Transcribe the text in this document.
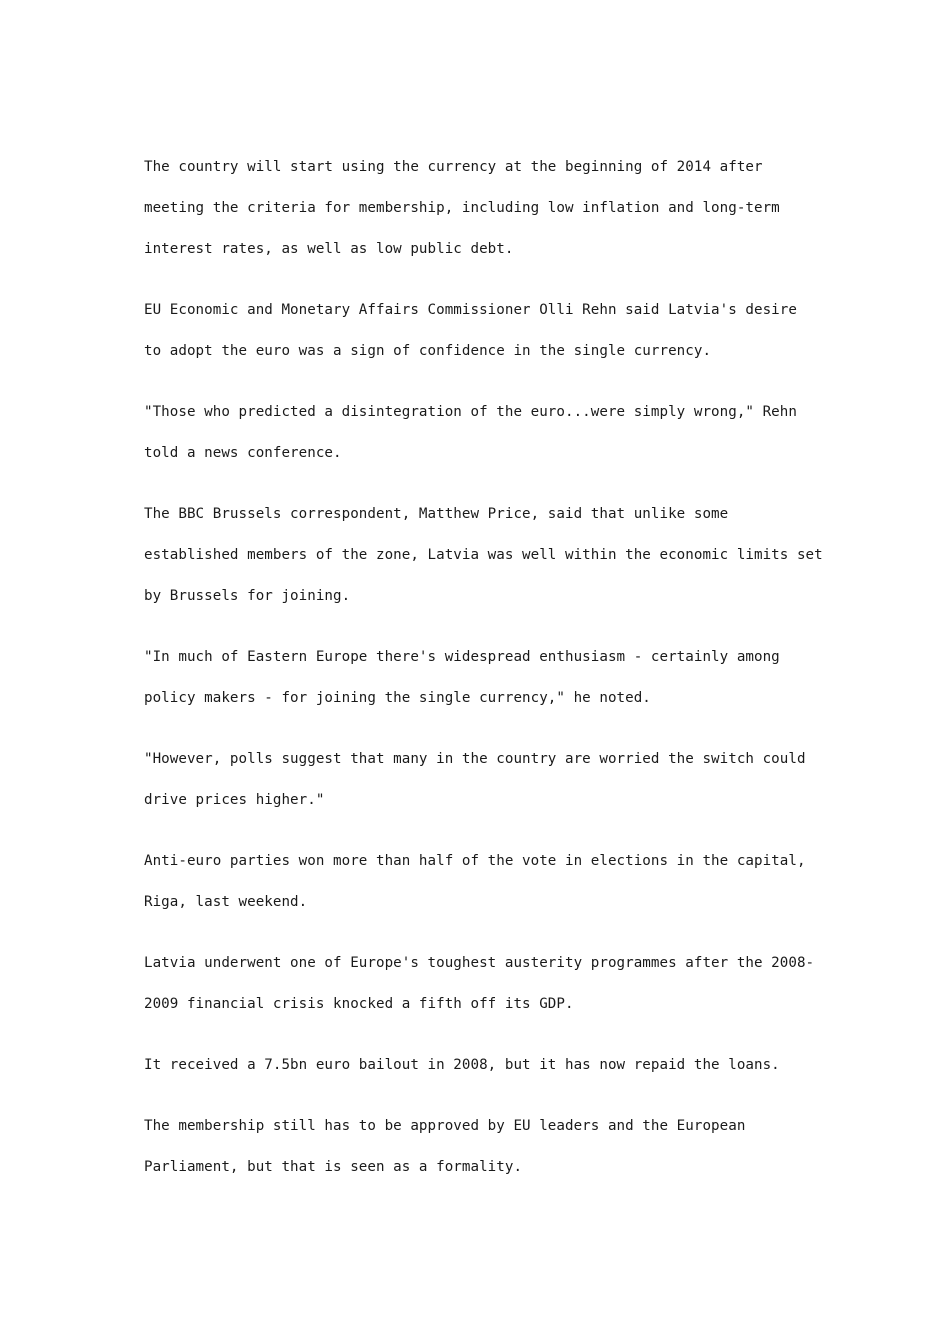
The country will start using the currency at the beginning of 2014 after
meeting the criteria for membership, including low inflation and long-term
interest rates, as well as low public debt.

EU Economic and Monetary Affairs Commissioner Olli Rehn said Latvia's desire
to adopt the euro was a sign of confidence in the single currency.

"Those who predicted a disintegration of the euro...were simply wrong," Rehn
told a news conference.

The BBC Brussels correspondent, Matthew Price, said that unlike some
established members of the zone, Latvia was well within the economic limits set
by Brussels for joining.

"In much of Eastern Europe there's widespread enthusiasm - certainly among
policy makers - for joining the single currency," he noted.

"However, polls suggest that many in the country are worried the switch could
drive prices higher."

Anti-euro parties won more than half of the vote in elections in the capital,
Riga, last weekend.

Latvia underwent one of Europe's toughest austerity programmes after the 2008-
2009 financial crisis knocked a fifth off its GDP.

It received a 7.5bn euro bailout in 2008, but it has now repaid the loans.

The membership still has to be approved by EU leaders and the European
Parliament, but that is seen as a formality.
